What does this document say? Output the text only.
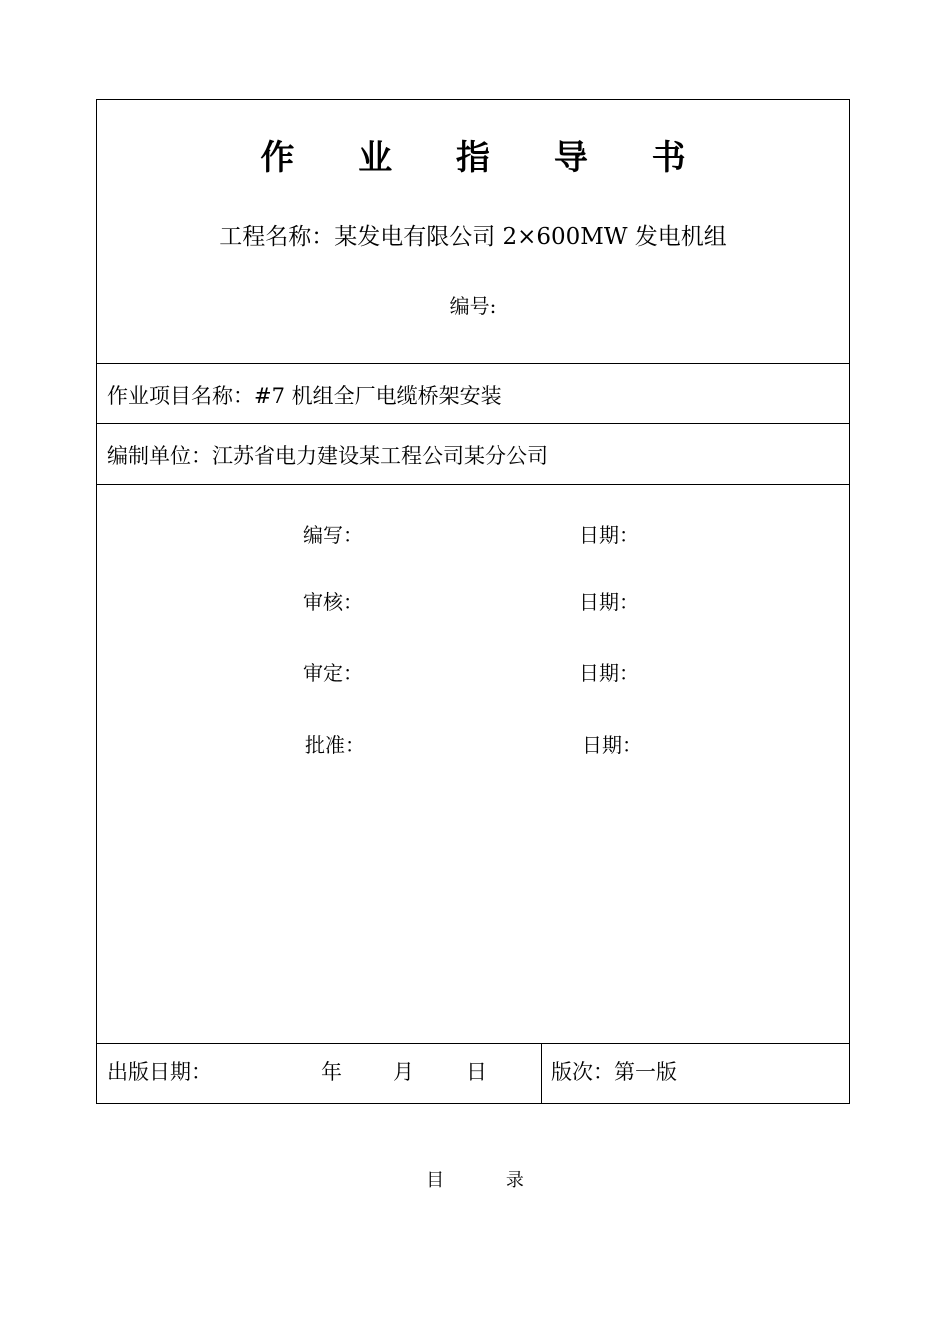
作 业 指 导 书
工程名称：某发电有限公司 2×600MW 发电机组
编号:
作业项目名称：#7 机组全厂电缆桥架安装
编制单位：江苏省电力建设某工程公司某分公司
编写：	日期：
审核：	日期：
审定：	日期：
批准：	日期：
出版日期：	年 月 日	版次：第一版
目 录
